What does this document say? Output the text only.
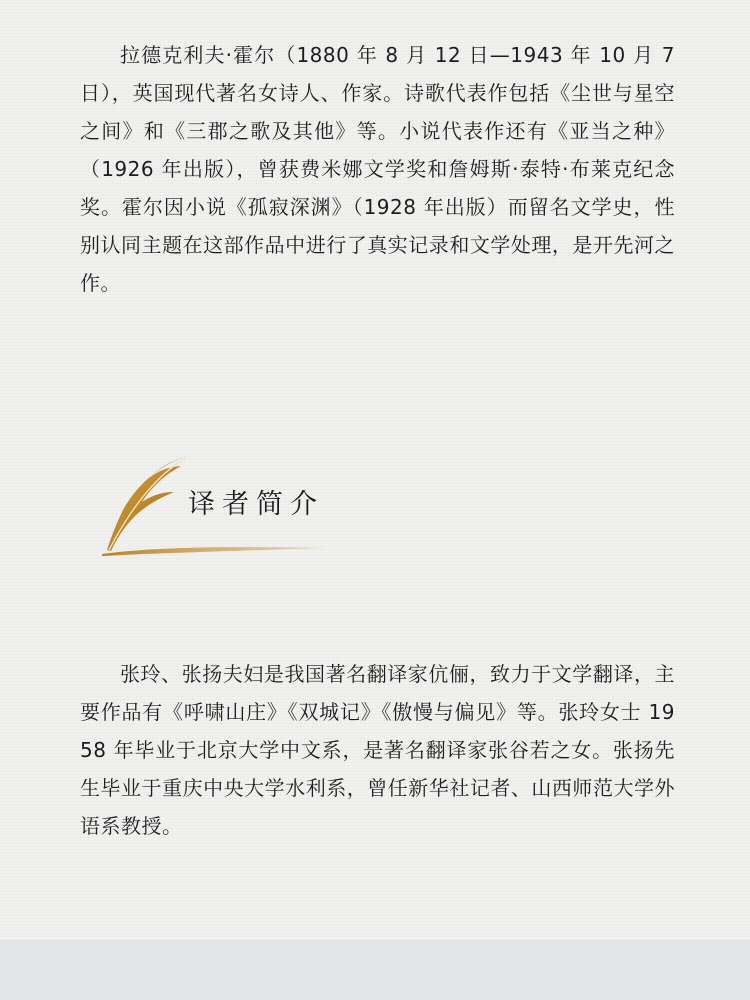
拉德克利夫·霍尔（1880 年 8 月 12 日—1943 年 10 月 7 日），英国现代著名女诗人、作家。诗歌代表作包括《尘世与星空之间》和《三郡之歌及其他》等。小说代表作还有《亚当之种》（1926 年出版），曾获费米娜文学奖和詹姆斯·泰特·布莱克纪念奖。霍尔因小说《孤寂深渊》（1928 年出版）而留名文学史，性别认同主题在这部作品中进行了真实记录和文学处理，是开先河之作。

译者简介

张玲、张扬夫妇是我国著名翻译家伉俪，致力于文学翻译，主要作品有《呼啸山庄》《双城记》《傲慢与偏见》等。张玲女士 1958 年毕业于北京大学中文系，是著名翻译家张谷若之女。张扬先生毕业于重庆中央大学水利系，曾任新华社记者、山西师范大学外语系教授。
